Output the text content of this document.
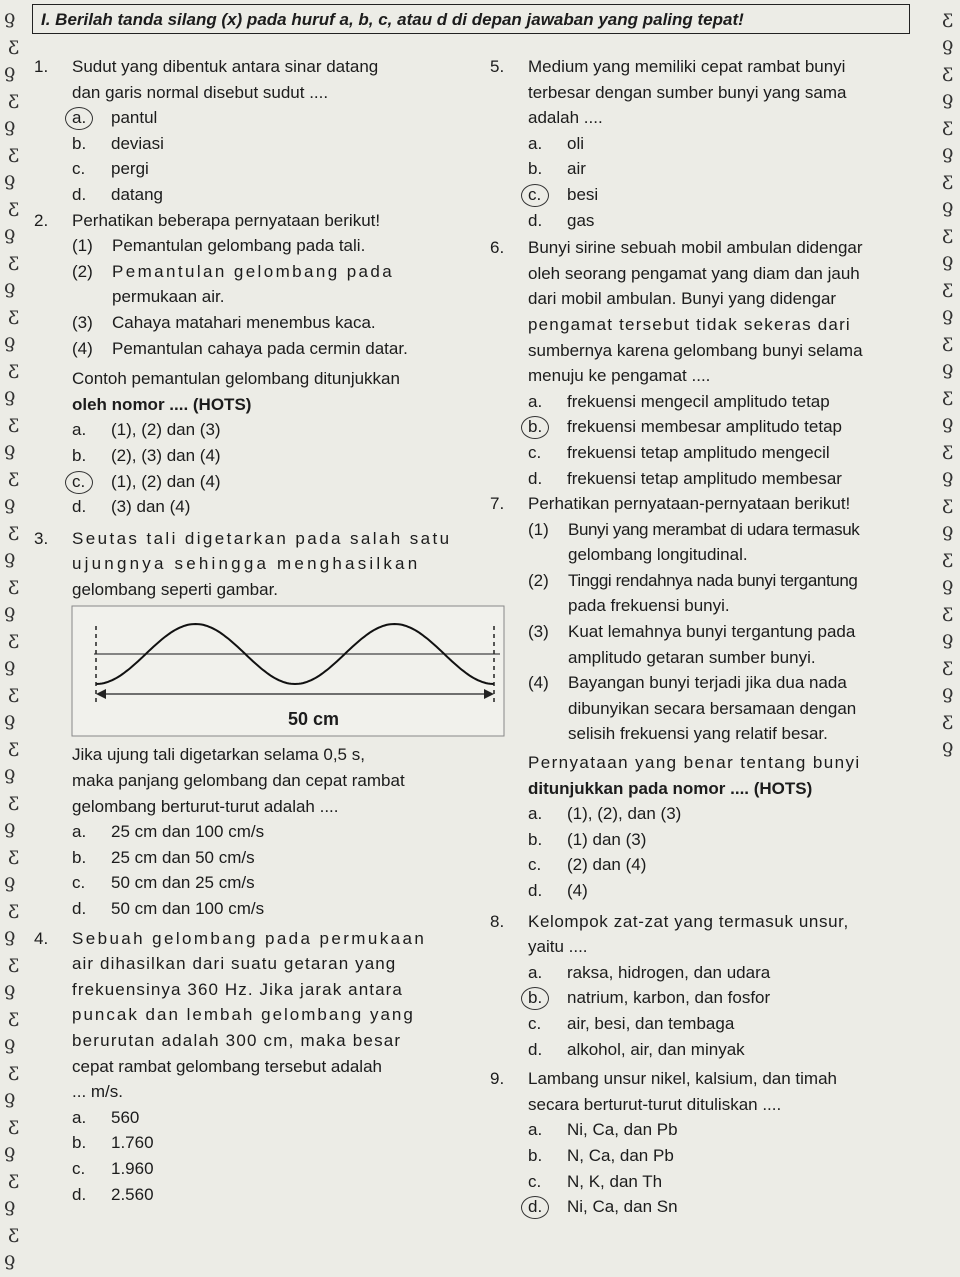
ƍ
ƹ
ƍ
ƹ
ƍ
ƹ
ƍ
ƹ
ƍ
ƹ
ƍ
ƹ
ƍ
ƹ
ƍ
ƹ
ƍ
ƹ
ƍ
ƹ
ƍ
ƹ
ƍ
ƹ
ƍ
ƹ
ƍ
ƹ
ƍ
ƹ
ƍ
ƹ
ƍ
ƹ
ƍ
ƹ
ƍ
ƹ
ƍ
ƹ
ƍ
ƹ
ƍ
ƹ
ƍ
ƹ
ƍ
ƹ
ƍ
ƹ
ƍ
ƹ
ƍ
ƹ
ƍ
ƹ
ƍ
ƹ
ƍ
ƹ
ƍ
ƹ
ƍ
ƹ
ƍ
ƹ
ƍ
ƹ
ƍ
ƹ
ƍ
ƹ
ƍ
ƹ
ƍ
I. Berilah tanda silang (x) pada huruf a, b, c, atau d di depan jawaban yang paling tepat!
1.	Sudut yang dibentuk antara sinar datang
dan garis normal disebut sudut ....
a.	pantul
b.	deviasi
c.	pergi
d.	datang
2.	Perhatikan beberapa pernyataan berikut!
(1)	Pemantulan gelombang pada tali.
(2)	Pemantulan gelombang pada
permukaan air.
(3)	Cahaya matahari menembus kaca.
(4)	Pemantulan cahaya pada cermin datar.
Contoh pemantulan gelombang ditunjukkan
oleh nomor .... (HOTS)
a.	(1), (2) dan (3)
b.	(2), (3) dan (4)
c.	(1), (2) dan (4)
d.	(3) dan (4)
3.	Seutas tali digetarkan pada salah satu
ujungnya sehingga menghasilkan
gelombang seperti gambar.
50 cm
Jika ujung tali digetarkan selama 0,5 s,
maka panjang gelombang dan cepat rambat
gelombang berturut-turut adalah ....
a.	25 cm dan 100 cm/s
b.	25 cm dan 50 cm/s
c.	50 cm dan 25 cm/s
d.	50 cm dan 100 cm/s
4.	Sebuah gelombang pada permukaan
air dihasilkan dari suatu getaran yang
frekuensinya 360 Hz. Jika jarak antara
puncak dan lembah gelombang yang
berurutan adalah 300 cm, maka besar
cepat rambat gelombang tersebut adalah
... m/s.
a.	560
b.	1.760
c.	1.960
d.	2.560
5.	Medium yang memiliki cepat rambat bunyi
terbesar dengan sumber bunyi yang sama
adalah ....
a.	oli
b.	air
c.	besi
d.	gas
6.	Bunyi sirine sebuah mobil ambulan didengar
oleh seorang pengamat yang diam dan jauh
dari mobil ambulan. Bunyi yang didengar
pengamat tersebut tidak sekeras dari
sumbernya karena gelombang bunyi selama
menuju ke pengamat ....
a.	frekuensi mengecil amplitudo tetap
b.	frekuensi membesar amplitudo tetap
c.	frekuensi tetap amplitudo mengecil
d.	frekuensi tetap amplitudo membesar
7.	Perhatikan pernyataan-pernyataan berikut!
(1)	Bunyi yang merambat di udara termasuk
gelombang longitudinal.
(2)	Tinggi rendahnya nada bunyi tergantung
pada frekuensi bunyi.
(3)	Kuat lemahnya bunyi tergantung pada
amplitudo getaran sumber bunyi.
(4)	Bayangan bunyi terjadi jika dua nada
dibunyikan secara bersamaan dengan
selisih frekuensi yang relatif besar.
Pernyataan yang benar tentang bunyi
ditunjukkan pada nomor .... (HOTS)
a.	(1), (2), dan (3)
b.	(1) dan (3)
c.	(2) dan (4)
d.	(4)
8.	Kelompok zat-zat yang termasuk unsur,
yaitu ....
a.	raksa, hidrogen, dan udara
b.	natrium, karbon, dan fosfor
c.	air, besi, dan tembaga
d.	alkohol, air, dan minyak
9.	Lambang unsur nikel, kalsium, dan timah
secara berturut-turut dituliskan ....
a.	Ni, Ca, dan Pb
b.	N, Ca, dan Pb
c.	N, K, dan Th
d.	Ni, Ca, dan Sn
